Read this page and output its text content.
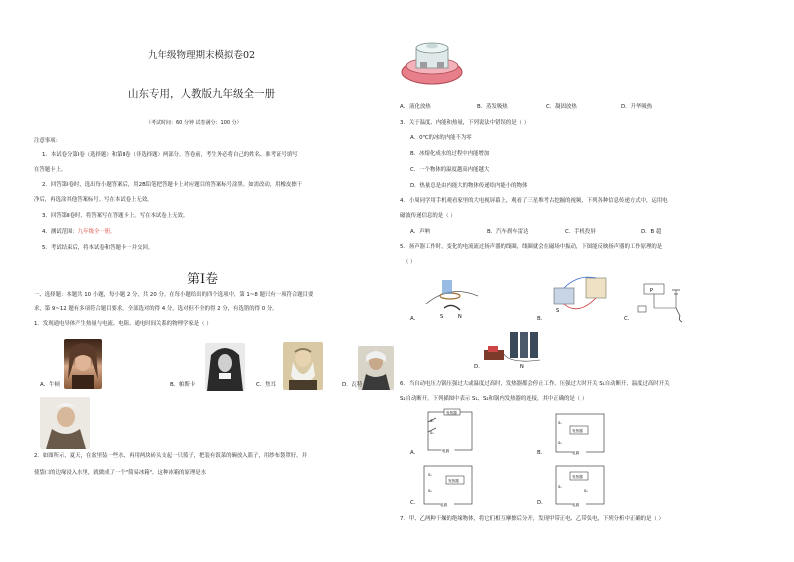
九年级物理期末模拟卷02
山东专用，人教版九年级全一册
（考试时间：60 分钟 试卷满分：100 分）
注意事项：
1．本试卷分第Ⅰ卷（选择题）和第Ⅱ卷（非选择题）两部分。答卷前，考生务必将自己的姓名、准考证号填写
在答题卡上。
2．回答第Ⅰ卷时，选出每小题答案后，用2B铅笔把答题卡上对应题目的答案标号涂黑。如需改动，用橡皮擦干
净后，再选涂其他答案标号。写在本试卷上无效。
3．回答第Ⅱ卷时，将答案写在答题卡上。写在本试卷上无效。
4．测试范围：九年级全一册。
5．考试结束后，将本试卷和答题卡一并交回。
第Ⅰ卷
一、选择题：本题共 10 小题，每小题 2 分，共 20 分。在每小题给出的四个选项中，第 1~8 题只有一项符合题目要
求，第 9~12 题有多项符合题目要求。全部选对的得 4 分，选对但不全的得 2 分，有选错的得 0 分。
1．发现通电导体产生热量与电流、电阻、通电时间关系的物理学家是（ ）
A．牛顿	B．帕斯卡	C．焦耳	D．瓦特
2．如图所示，夏天，在盆里装一些水，再用两块砖头支起一只篮子，把装有饭菜的碗放入篮子，用纱布袋罩好，并
使袋口的边缘浸入水里，就做成了一个"简易冰箱"，这种冰箱的原理是水
A．液化放热	B．蒸发吸热	C．凝固放热	D．升华吸热
3．关于温度、内能和热量，下列说法中错误的是（ ）
A．0℃的冰的内能不为零
B．冰熔化成水的过程中内能增加
C．一个物体的温度越高内能越大
D．热量总是由内能大的物体传递给内能小的物体
4．小周同学用手机观看家里的大电视屏幕上，观看了三星堆考古挖掘的视频，下列各种信息传递方式中，运用电
磁波传递信息的是（ ）
A．声呐	B．汽车刹车雷达	C．手机投屏	D．B 超
5．扬声器工作时，变化的电流流过扬声器的线圈，线圈就会在磁场中振动，下图能反映扬声器的工作原理的是
（ ）
S	N
A．
S
B．
P
C．
N
D．
6．当自动电压力锅压强过大或温度过高时，发热器都会停止工作。压强过大时开关 S₁自动断开，温度过高时开关
S₂自动断开。下列描图中表示 S₁、S₂和锅内发热器的连接，其中正确的是（ ）
发热器
S₁
S₂
电源
A．
发热器
S₁
S₂
电源
B．
发热器
S₁
S₂
电源
C．
发热器
S₁
S₂
电源
D．
7．甲、乙两种干燥的绝缘物体，将它们相互摩擦后分开，发现甲带正电、乙带负电，下列分析中正确的是（ ）
